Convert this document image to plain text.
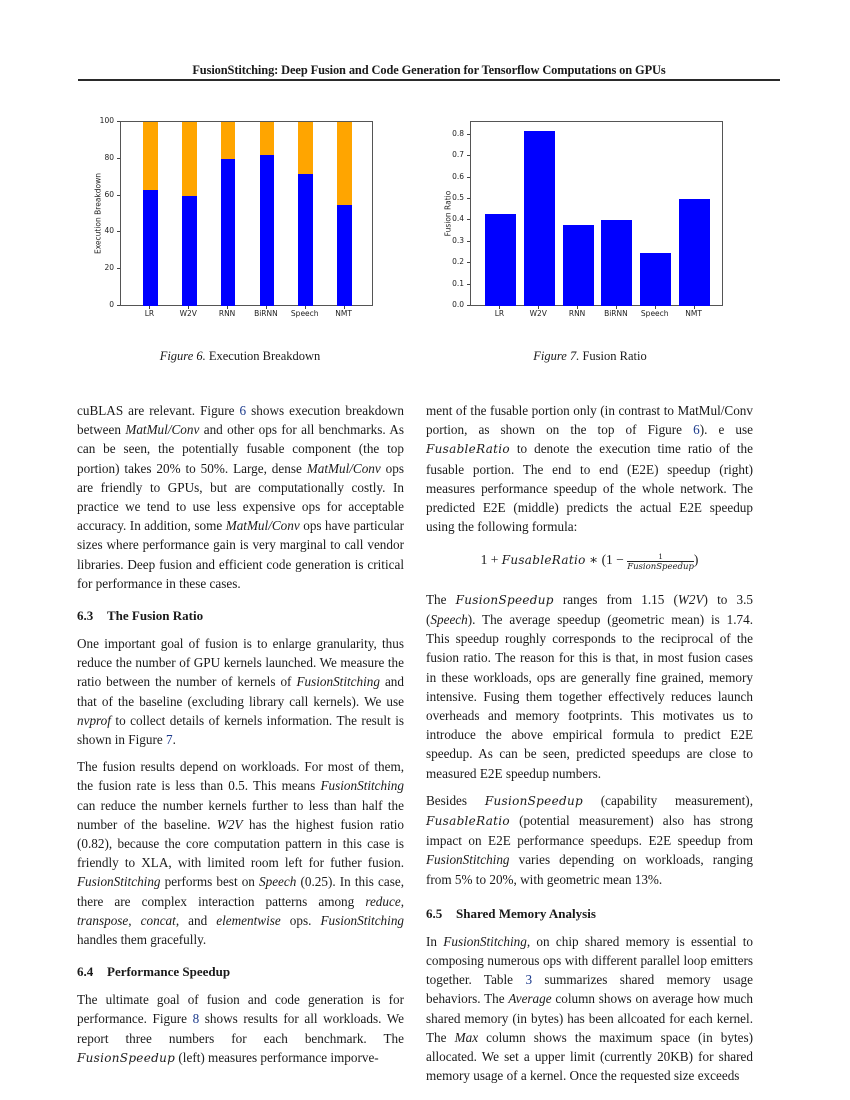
FusionStitching: Deep Fusion and Code Generation for Tensorflow Computations on GPUs
0
20
40
60
80
100
Execution Breakdown
LR	W2V	RNN	BiRNN	Speech	NMT
0.0
0.1
0.2
0.3
0.4
0.5
0.6
0.7
0.8
Fusion Ratio
LR	W2V	RNN	BiRNN	Speech	NMT
Figure 6. Execution Breakdown	Figure 7. Fusion Ratio

cuBLAS are relevant. Figure 6 shows execution breakdown between MatMul/Conv and other ops for all benchmarks. As can be seen, the potentially fusable component (the top portion) takes 20% to 50%. Large, dense MatMul/Conv ops are friendly to GPUs, but are computationally costly. In practice we tend to use less expensive ops for acceptable accuracy. In addition, some MatMul/Conv ops have particular sizes where performance gain is very marginal to call vendor libraries. Deep fusion and efficient code generation is critical for performance in these cases.

6.3 The Fusion Ratio

One important goal of fusion is to enlarge granularity, thus reduce the number of GPU kernels launched. We measure the ratio between the number of kernels of FusionStitching and that of the baseline (excluding library call kernels). We use nvprof to collect details of kernels information. The result is shown in Figure 7.

The fusion results depend on workloads. For most of them, the fusion rate is less than 0.5. This means FusionStitching can reduce the number kernels further to less than half the number of the baseline. W2V has the highest fusion ratio (0.82), because the core computation pattern in this case is friendly to XLA, with limited room left for futher fusion. FusionStitching performs best on Speech (0.25). In this case, there are complex interaction patterns among reduce, transpose, concat, and elementwise ops. FusionStitching handles them gracefully.

6.4 Performance Speedup

The ultimate goal of fusion and code generation is for performance. Figure 8 shows results for all workloads. We report three numbers for each benchmark. The FusionSpeedup (left) measures performance imporve-

ment of the fusable portion only (in contrast to MatMul/Conv portion, as shown on the top of Figure 6). e use FusableRatio to denote the execution time ratio of the fusable portion. The end to end (E2E) speedup (right) measures performance speedup of the whole network. The predicted E2E (middle) predicts the actual E2E speedup using the following formula:

1 + FusableRatio ∗ ($1 - \frac{1}{\text{FusionSpeedup}}$ )

The FusionSpeedup ranges from 1.15 (W2V) to 3.5 (Speech). The average speedup (geometric mean) is 1.74. This speedup roughly corresponds to the reciprocal of the fusion ratio. The reason for this is that, in most fusion cases in these workloads, ops are generally fine grained, memory intensive. Fusing them together effectively reduces launch overheads and memory footprints. This motivates us to introduce the above empirical formula to predict E2E speedup. As can be seen, predicted speedups are close to measured E2E speedup numbers.

Besides FusionSpeedup (capability measurement), FusableRatio (potential measurement) also has strong impact on E2E performance speedups. E2E speedup from FusionStitching varies depending on workloads, ranging from 5% to 20%, with geometric mean 13%.

6.5 Shared Memory Analysis

In FusionStitching, on chip shared memory is essential to composing numerous ops with different parallel loop emitters together. Table 3 summarizes shared memory usage behaviors. The Average column shows on average how much shared memory (in bytes) has been allcoated for each kernel. The Max column shows the maximum space (in bytes) allocated. We set a upper limit (currently 20KB) for shared memory usage of a kernel. Once the requested size exceeds
